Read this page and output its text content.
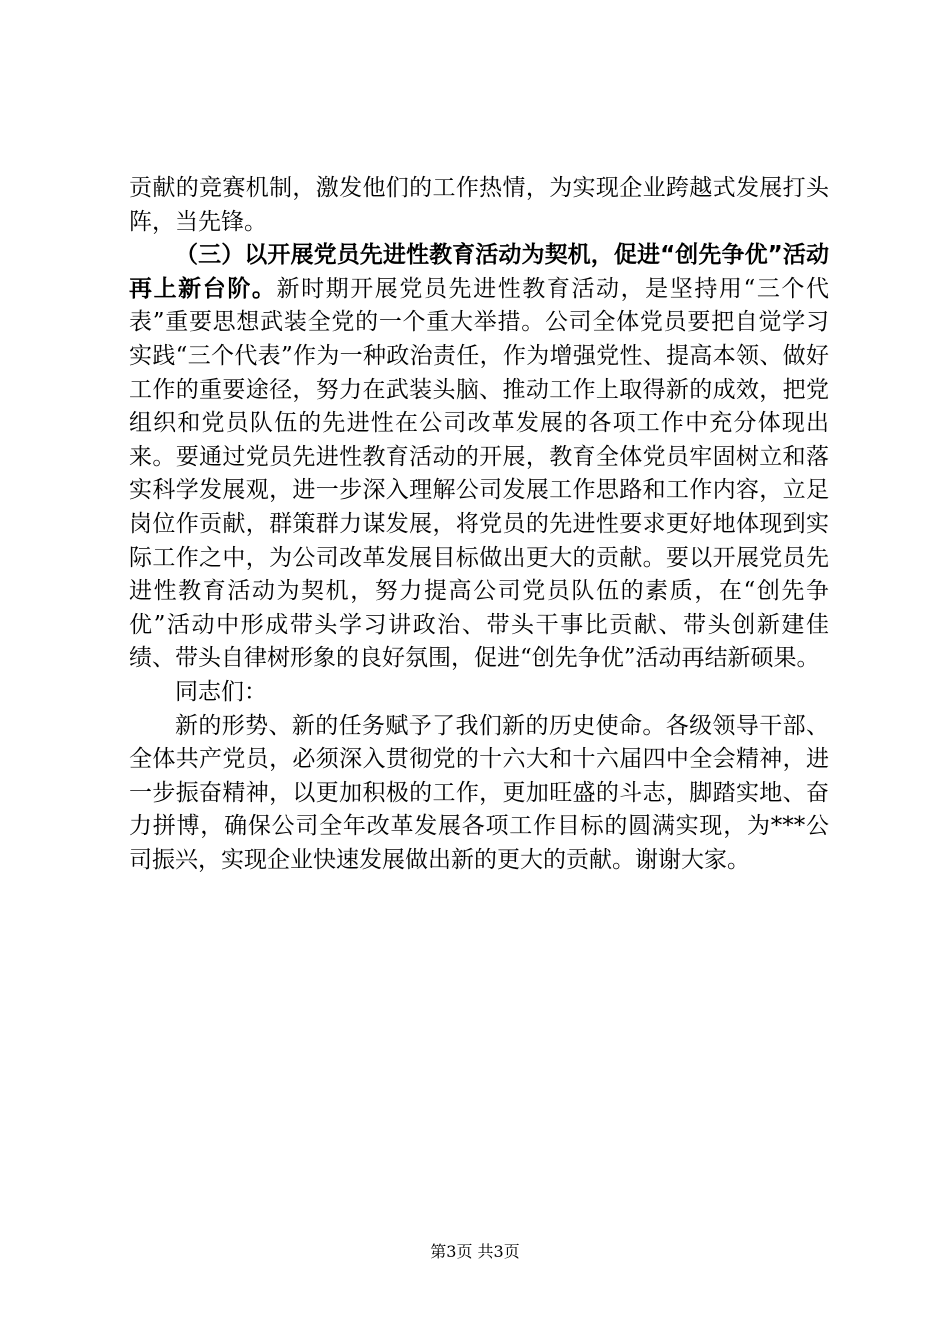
贡献的竞赛机制，激发他们的工作热情，为实现企业跨越式发展打头阵，当先锋。

（三）以开展党员先进性教育活动为契机，促进“创先争优”活动再上新台阶。新时期开展党员先进性教育活动，是坚持用“三个代表”重要思想武装全党的一个重大举措。公司全体党员要把自觉学习实践“三个代表”作为一种政治责任，作为增强党性、提高本领、做好工作的重要途径，努力在武装头脑、推动工作上取得新的成效，把党组织和党员队伍的先进性在公司改革发展的各项工作中充分体现出来。要通过党员先进性教育活动的开展，教育全体党员牢固树立和落实科学发展观，进一步深入理解公司发展工作思路和工作内容，立足岗位作贡献，群策群力谋发展，将党员的先进性要求更好地体现到实际工作之中，为公司改革发展目标做出更大的贡献。要以开展党员先进性教育活动为契机，努力提高公司党员队伍的素质，在“创先争优”活动中形成带头学习讲政治、带头干事比贡献、带头创新建佳绩、带头自律树形象的良好氛围，促进“创先争优”活动再结新硕果。

同志们：

新的形势、新的任务赋予了我们新的历史使命。各级领导干部、全体共产党员，必须深入贯彻党的十六大和十六届四中全会精神，进一步振奋精神，以更加积极的工作，更加旺盛的斗志，脚踏实地、奋力拼博，确保公司全年改革发展各项工作目标的圆满实现，为***公司振兴，实现企业快速发展做出新的更大的贡献。谢谢大家。

第3页 共3页
